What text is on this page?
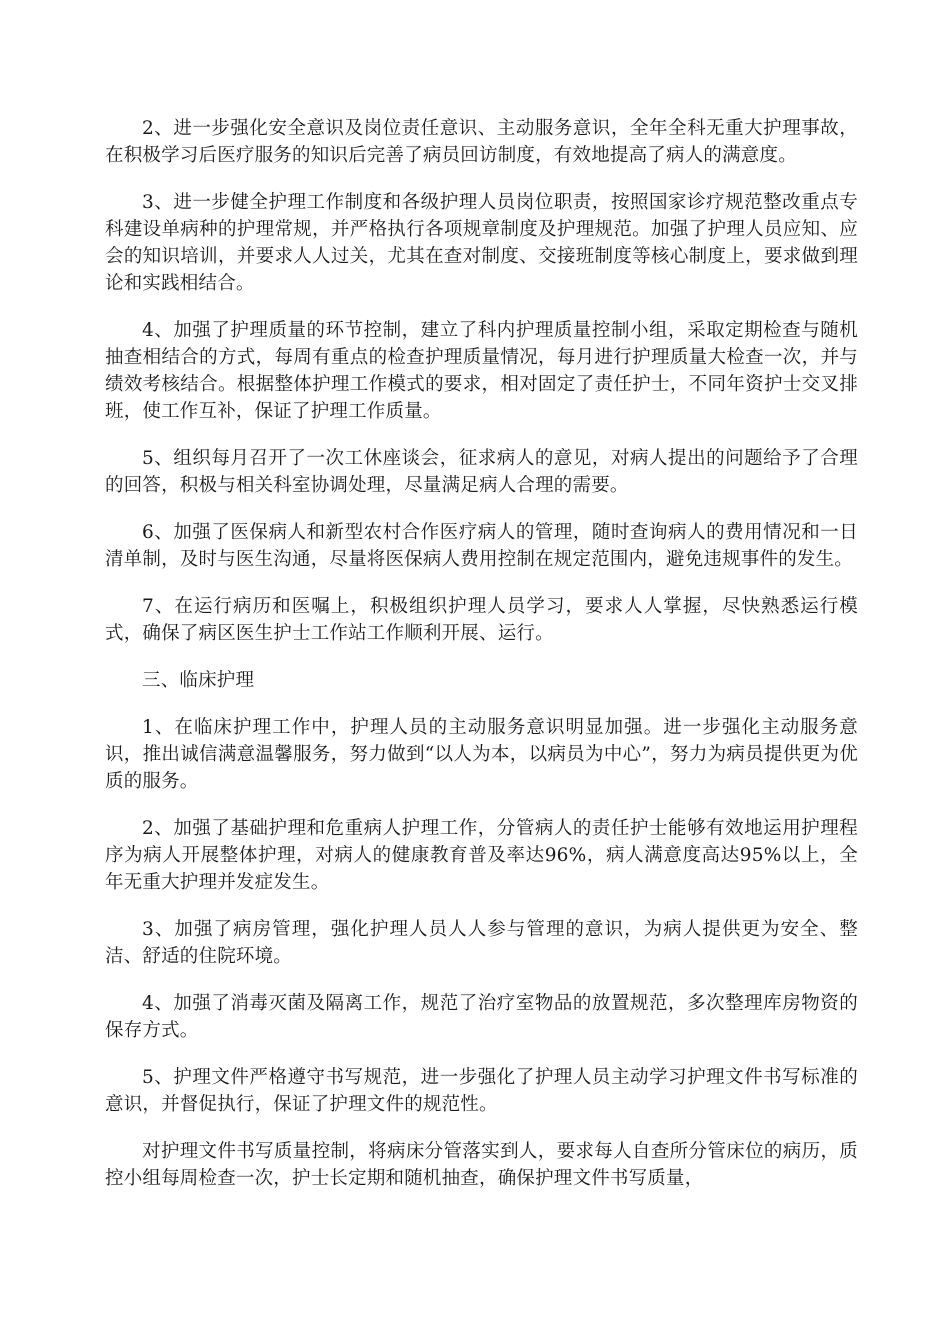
2、进一步强化安全意识及岗位责任意识、主动服务意识，全年全科无重大护理事故，在积极学习后医疗服务的知识后完善了病员回访制度，有效地提高了病人的满意度。

3、进一步健全护理工作制度和各级护理人员岗位职责，按照国家诊疗规范整改重点专科建设单病种的护理常规，并严格执行各项规章制度及护理规范。加强了护理人员应知、应会的知识培训，并要求人人过关，尤其在查对制度、交接班制度等核心制度上，要求做到理论和实践相结合。

4、加强了护理质量的环节控制，建立了科内护理质量控制小组，采取定期检查与随机抽查相结合的方式，每周有重点的检查护理质量情况，每月进行护理质量大检查一次，并与绩效考核结合。根据整体护理工作模式的要求，相对固定了责任护士，不同年资护士交叉排班，使工作互补，保证了护理工作质量。

5、组织每月召开了一次工休座谈会，征求病人的意见，对病人提出的问题给予了合理的回答，积极与相关科室协调处理，尽量满足病人合理的需要。

6、加强了医保病人和新型农村合作医疗病人的管理，随时查询病人的费用情况和一日清单制，及时与医生沟通，尽量将医保病人费用控制在规定范围内，避免违规事件的发生。

7、在运行病历和医嘱上，积极组织护理人员学习，要求人人掌握，尽快熟悉运行模式，确保了病区医生护士工作站工作顺利开展、运行。

三、临床护理

1、在临床护理工作中，护理人员的主动服务意识明显加强。进一步强化主动服务意识，推出诚信满意温馨服务，努力做到“以人为本，以病员为中心”，努力为病员提供更为优质的服务。

2、加强了基础护理和危重病人护理工作，分管病人的责任护士能够有效地运用护理程序为病人开展整体护理，对病人的健康教育普及率达96%，病人满意度高达95%以上，全年无重大护理并发症发生。

3、加强了病房管理，强化护理人员人人参与管理的意识，为病人提供更为安全、整洁、舒适的住院环境。

4、加强了消毒灭菌及隔离工作，规范了治疗室物品的放置规范，多次整理库房物资的保存方式。

5、护理文件严格遵守书写规范，进一步强化了护理人员主动学习护理文件书写标准的意识，并督促执行，保证了护理文件的规范性。

对护理文件书写质量控制，将病床分管落实到人，要求每人自查所分管床位的病历，质控小组每周检查一次，护士长定期和随机抽查，确保护理文件书写质量，
